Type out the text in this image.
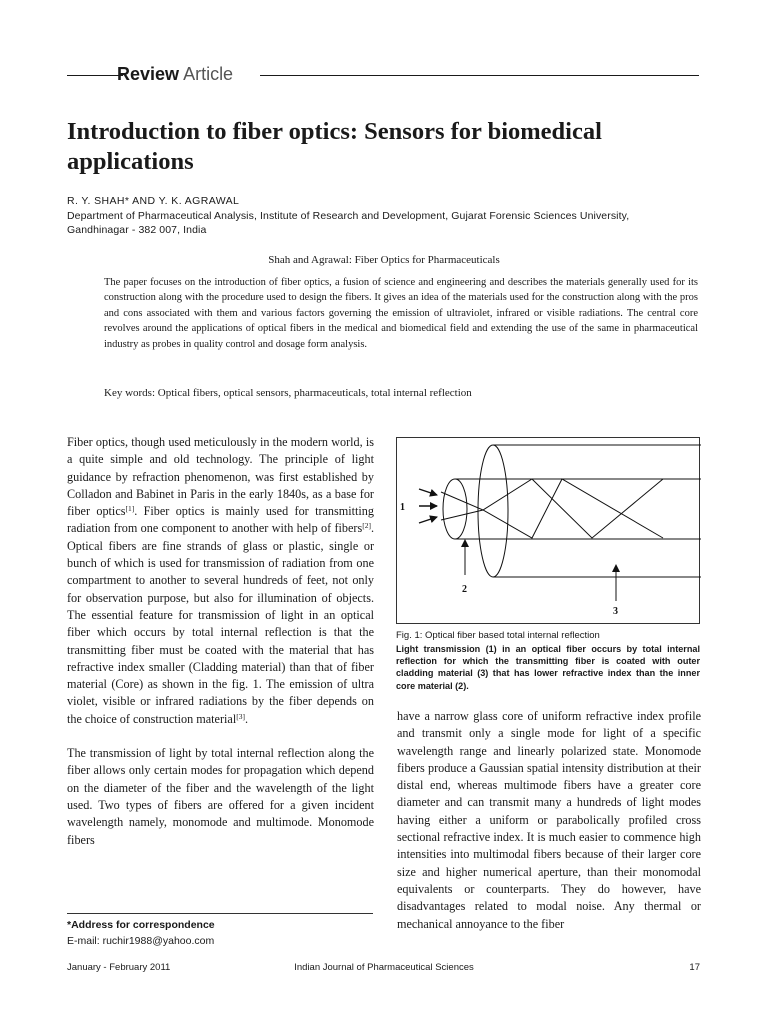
Review Article
Introduction to fiber optics: Sensors for biomedical applications
R. Y. SHAH* AND Y. K. AGRAWAL
Department of Pharmaceutical Analysis, Institute of Research and Development, Gujarat Forensic Sciences University, Gandhinagar - 382 007, India
Shah and Agrawal: Fiber Optics for Pharmaceuticals
The paper focuses on the introduction of fiber optics, a fusion of science and engineering and describes the materials generally used for its construction along with the procedure used to design the fibers. It gives an idea of the materials used for the construction along with the pros and cons associated with them and various factors governing the emission of ultraviolet, infrared or visible radiations. The central core revolves around the applications of optical fibers in the medical and biomedical field and extending the use of the same in pharmaceutical industry as probes in quality control and dosage form analysis.
Key words: Optical fibers, optical sensors, pharmaceuticals, total internal reflection

Fiber optics, though used meticulously in the modern world, is a quite simple and old technology. The principle of light guidance by refraction phenomenon, was first established by Colladon and Babinet in Paris in the early 1840s, as a base for fiber optics[1]. Fiber optics is mainly used for transmitting radiation from one component to another with help of fibers[2]. Optical fibers are fine strands of glass or plastic, single or bunch of which is used for transmission of radiation from one compartment to another to several hundreds of feet, not only for observation purpose, but also for illumination of objects. The essential feature for transmission of light in an optical fiber which occurs by total internal reflection is that the transmitting fiber must be coated with the material that has refractive index smaller (Cladding material) than that of fiber material (Core) as shown in the fig. 1. The emission of ultra violet, visible or infrared radiations by the fiber depends on the choice of construction material[3].

The transmission of light by total internal reflection along the fiber allows only certain modes for propagation which depend on the diameter of the fiber and the wavelength of the light used. Two types of fibers are offered for a given incident wavelength namely, monomode and multimode. Monomode fibers

1
2
3
Fig. 1: Optical fiber based total internal reflection
Light transmission (1) in an optical fiber occurs by total internal reflection for which the transmitting fiber is coated with outer cladding material (3) that has lower refractive index than the inner core material (2).

have a narrow glass core of uniform refractive index profile and transmit only a single mode for light of a specific wavelength range and linearly polarized state. Monomode fibers produce a Gaussian spatial intensity distribution at their distal end, whereas multimode fibers have a greater core diameter and can transmit many a hundreds of light modes having either a uniform or parabolically profiled cross sectional refractive index. It is much easier to commence high intensities into multimodal fibers because of their larger core size and higher numerical aperture, than their monomodal equivalents or counterparts. They do however, have disadvantages related to modal noise. Any thermal or mechanical annoyance to the fiber

*Address for correspondence
E-mail: ruchir1988@yahoo.com
January - February 2011	Indian Journal of Pharmaceutical Sciences	17
